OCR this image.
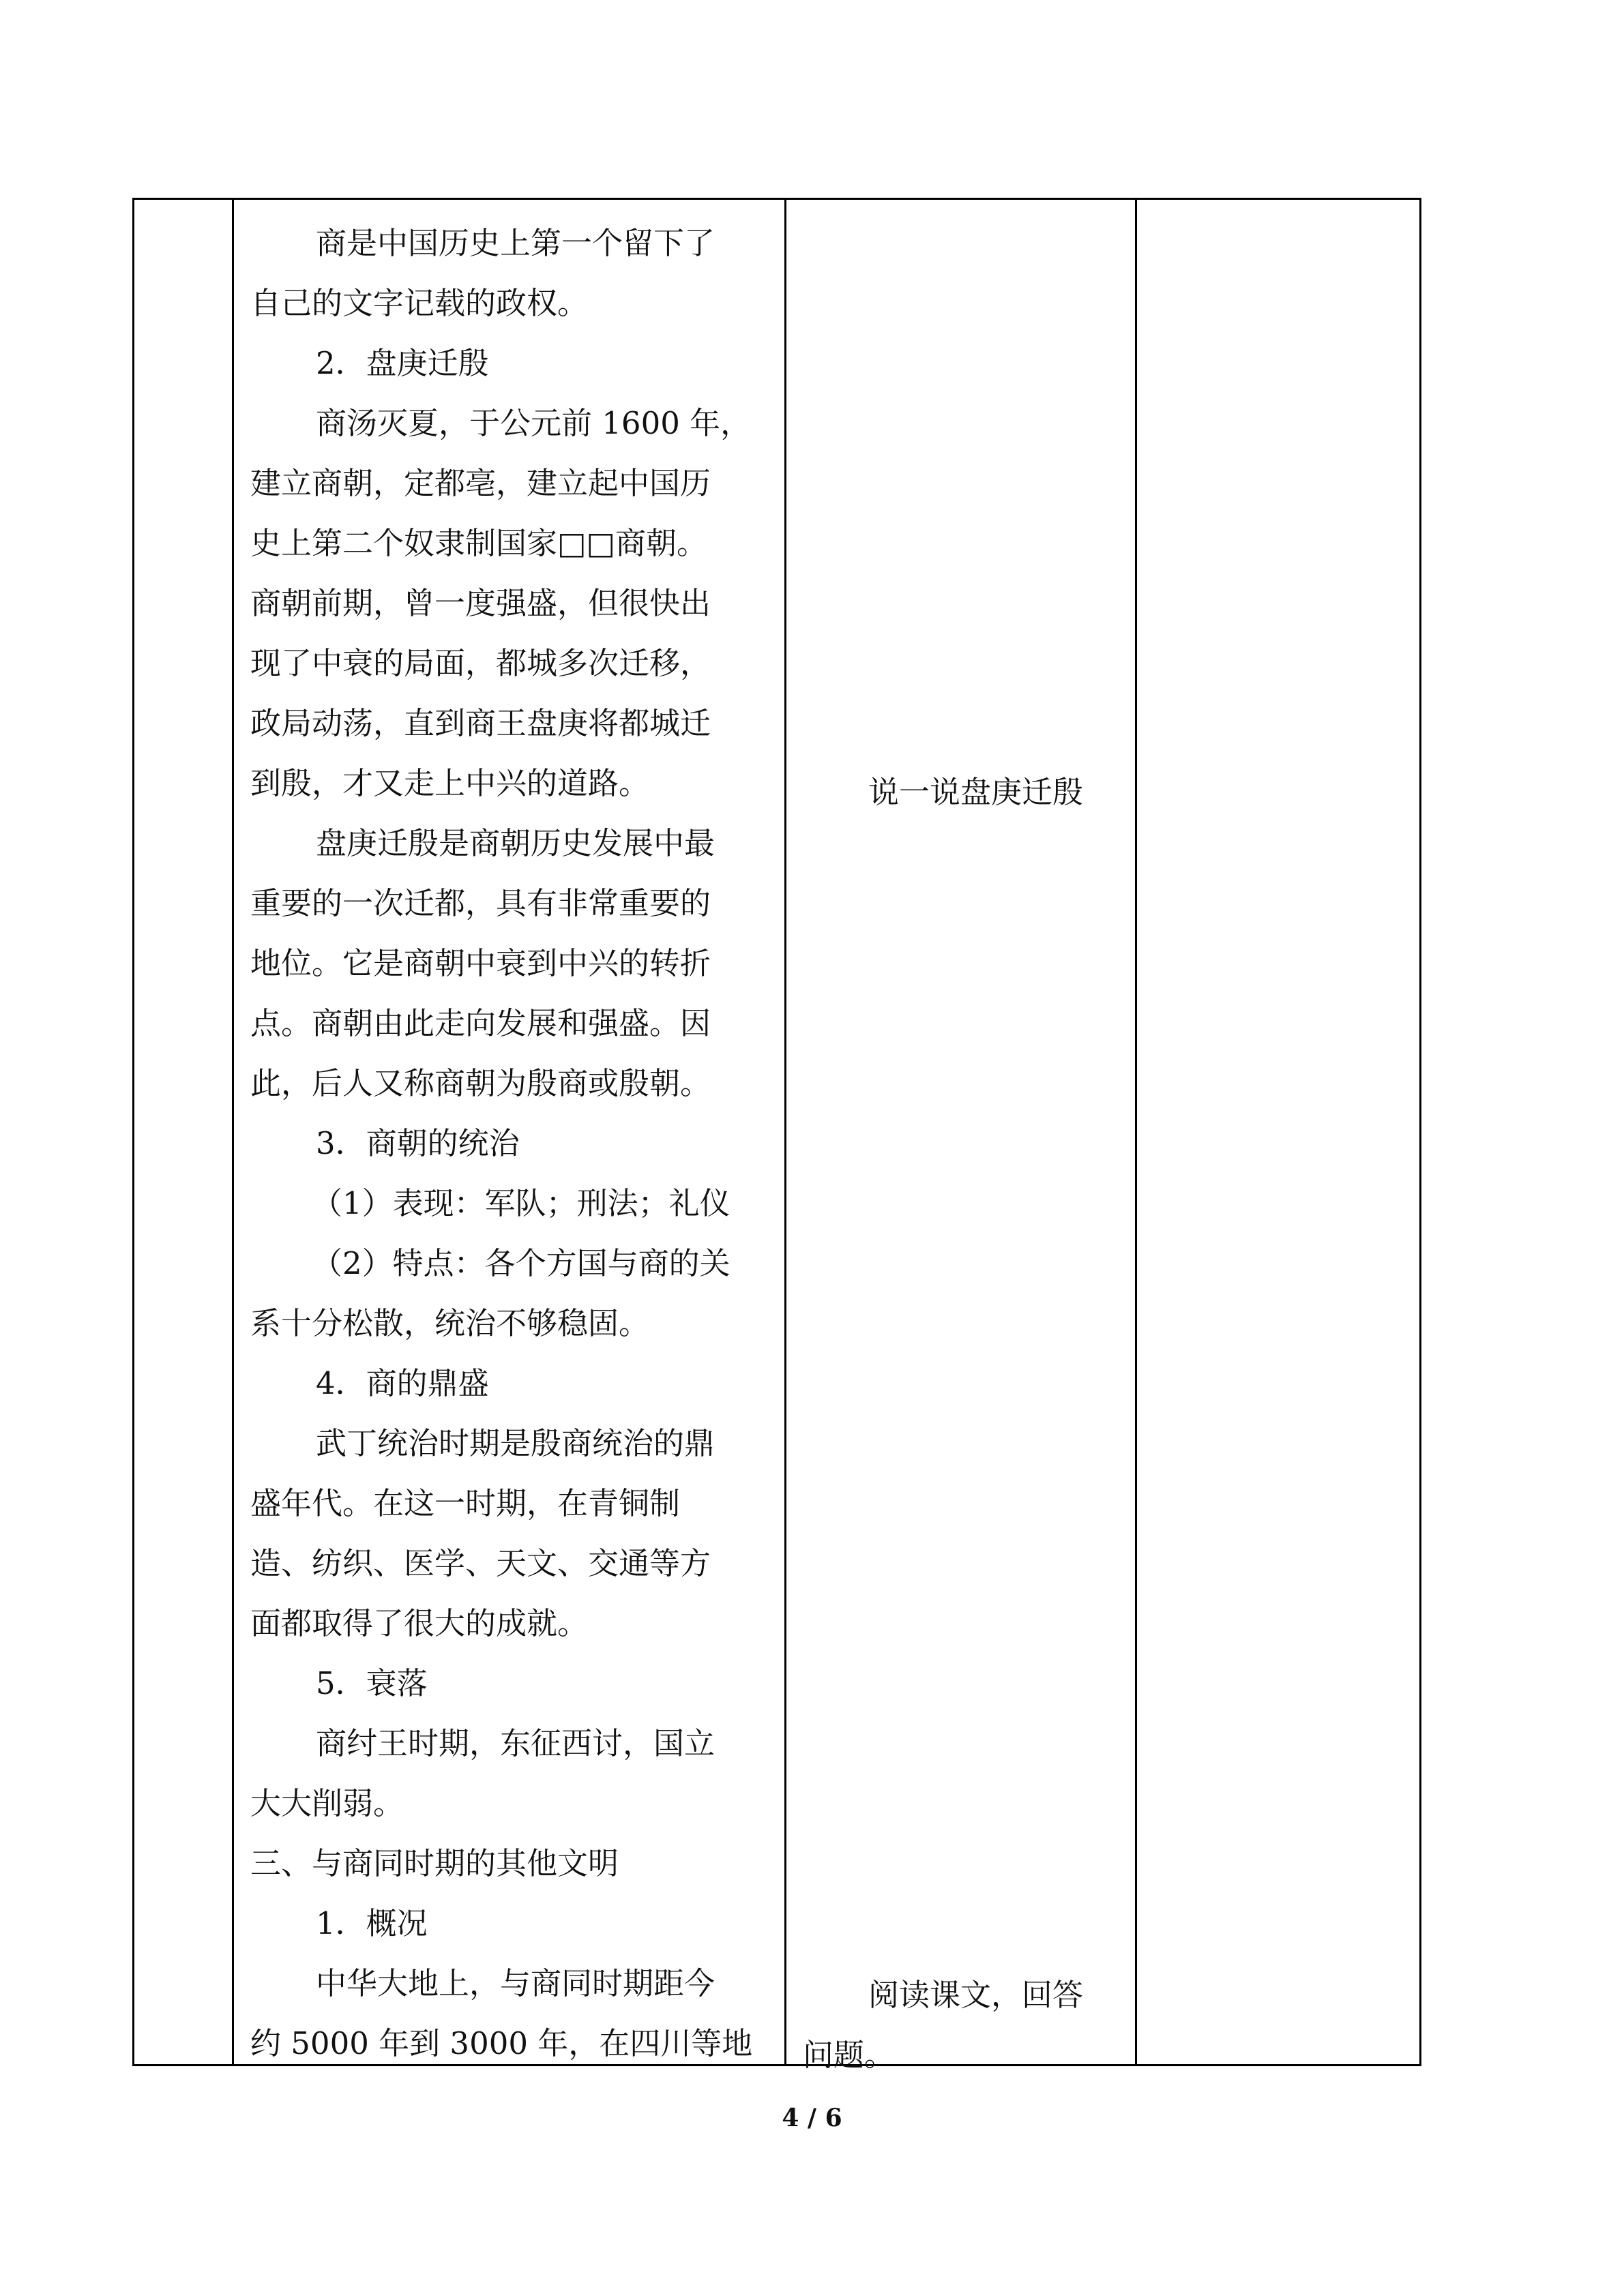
商是中国历史上第一个留下了
自己的文字记载的政权。
2．盘庚迁殷
商汤灭夏，于公元前 1600 年，
建立商朝，定都亳，建立起中国历
史上第二个奴隶制国家□□商朝。
商朝前期，曾一度强盛，但很快出
现了中衰的局面，都城多次迁移，
政局动荡，直到商王盘庚将都城迁
到殷，才又走上中兴的道路。
盘庚迁殷是商朝历史发展中最
重要的一次迁都，具有非常重要的
地位。它是商朝中衰到中兴的转折
点。商朝由此走向发展和强盛。因
此，后人又称商朝为殷商或殷朝。
3．商朝的统治
（1）表现：军队；刑法；礼仪
（2）特点：各个方国与商的关
系十分松散，统治不够稳固。
4．商的鼎盛
武丁统治时期是殷商统治的鼎
盛年代。在这一时期，在青铜制
造、纺织、医学、天文、交通等方
面都取得了很大的成就。
5．衰落
商纣王时期，东征西讨，国立
大大削弱。
三、与商同时期的其他文明
1．概况
中华大地上，与商同时期距今
约 5000 年到 3000 年，在四川等地
说一说盘庚迁殷
阅读课文，回答
问题。
4 / 6
